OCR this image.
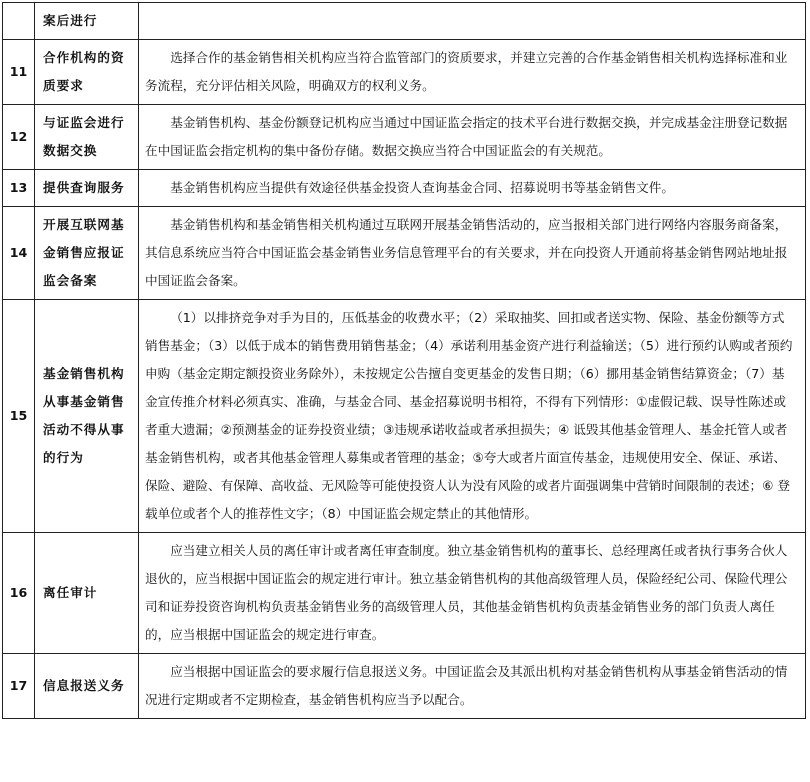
	案后进行	
11	合作机构的资质要求	选择合作的基金销售相关机构应当符合监管部门的资质要求，并建立完善的合作基金销售相关机构选择标准和业务流程，充分评估相关风险，明确双方的权利义务。
12	与证监会进行数据交换	基金销售机构、基金份额登记机构应当通过中国证监会指定的技术平台进行数据交换，并完成基金注册登记数据在中国证监会指定机构的集中备份存储。数据交换应当符合中国证监会的有关规范。
13	提供查询服务	基金销售机构应当提供有效途径供基金投资人查询基金合同、招募说明书等基金销售文件。
14	开展互联网基金销售应报证监会备案	基金销售机构和基金销售相关机构通过互联网开展基金销售活动的，应当报相关部门进行网络内容服务商备案，其信息系统应当符合中国证监会基金销售业务信息管理平台的有关要求，并在向投资人开通前将基金销售网站地址报中国证监会备案。
15	基金销售机构从事基金销售活动不得从事的行为	（1）以排挤竞争对手为目的，压低基金的收费水平；（2）采取抽奖、回扣或者送实物、保险、基金份额等方式销售基金；（3）以低于成本的销售费用销售基金；（4）承诺利用基金资产进行利益输送；（5）进行预约认购或者预约申购（基金定期定额投资业务除外），未按规定公告擅自变更基金的发售日期；（6）挪用基金销售结算资金；（7）基金宣传推介材料必须真实、准确，与基金合同、基金招募说明书相符，不得有下列情形：①虚假记载、误导性陈述或者重大遗漏；②预测基金的证券投资业绩；③违规承诺收益或者承担损失；④ 诋毁其他基金管理人、基金托管人或者基金销售机构，或者其他基金管理人募集或者管理的基金；⑤夸大或者片面宣传基金，违规使用安全、保证、承诺、保险、避险、有保障、高收益、无风险等可能使投资人认为没有风险的或者片面强调集中营销时间限制的表述；⑥ 登载单位或者个人的推荐性文字；（8）中国证监会规定禁止的其他情形。
16	离任审计	应当建立相关人员的离任审计或者离任审查制度。独立基金销售机构的董事长、总经理离任或者执行事务合伙人退伙的，应当根据中国证监会的规定进行审计。独立基金销售机构的其他高级管理人员，保险经纪公司、保险代理公司和证券投资咨询机构负责基金销售业务的高级管理人员，其他基金销售机构负责基金销售业务的部门负责人离任的，应当根据中国证监会的规定进行审查。
17	信息报送义务	应当根据中国证监会的要求履行信息报送义务。中国证监会及其派出机构对基金销售机构从事基金销售活动的情况进行定期或者不定期检查，基金销售机构应当予以配合。
